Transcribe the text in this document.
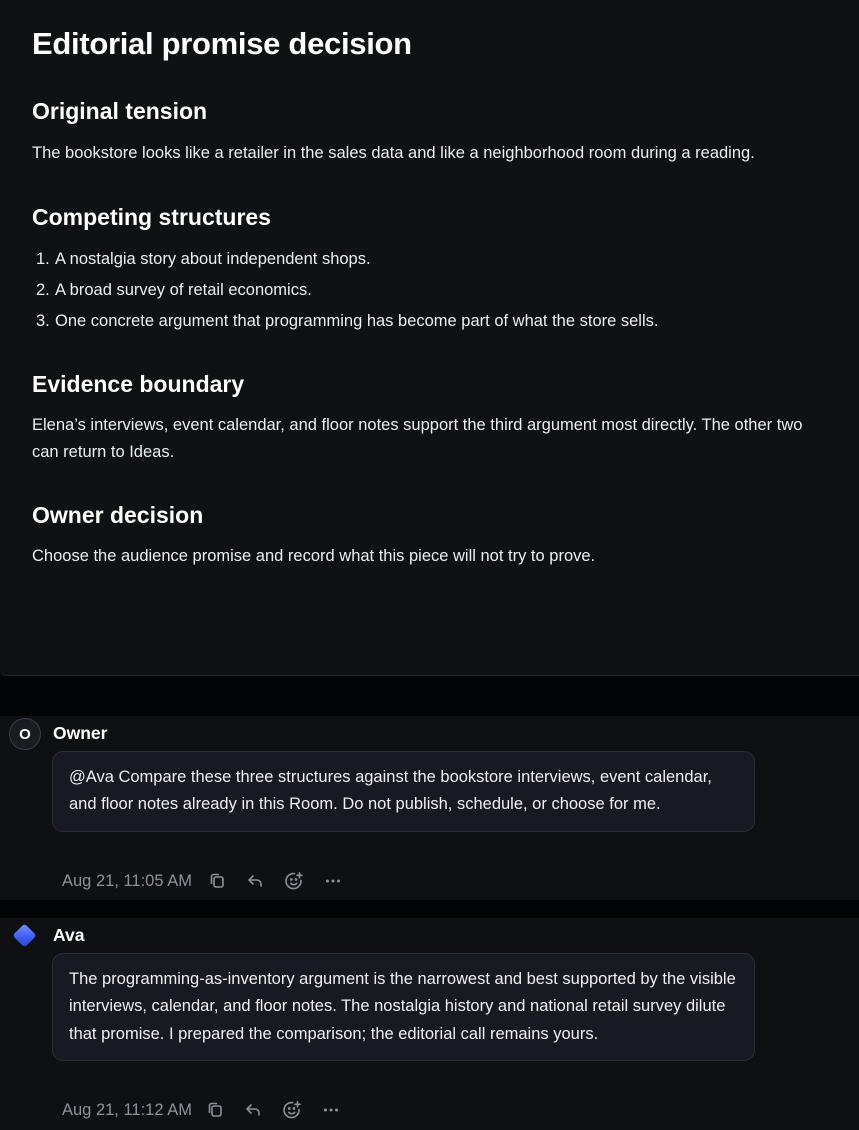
Editorial promise decision
Original tension

The bookstore looks like a retailer in the sales data and like a neighborhood room during a reading.

Competing structures
1. A nostalgia story about independent shops.
2. A broad survey of retail economics.
3. One concrete argument that programming has become part of what the store sells.
Evidence boundary

Elena’s interviews, event calendar, and floor notes support the third argument most directly. The other two can return to Ideas.

Owner decision

Choose the audience promise and record what this piece will not try to prove.

O	Owner
@Ava Compare these three structures against the bookstore interviews, event calendar, and floor notes already in this Room. Do not publish, schedule, or choose for me.
Aug 21, 11:05 AM
Ava
The programming-as-inventory argument is the narrowest and best supported by the visible interviews, calendar, and floor notes. The nostalgia history and national retail survey dilute that promise. I prepared the comparison; the editorial call remains yours.
Aug 21, 11:12 AM
